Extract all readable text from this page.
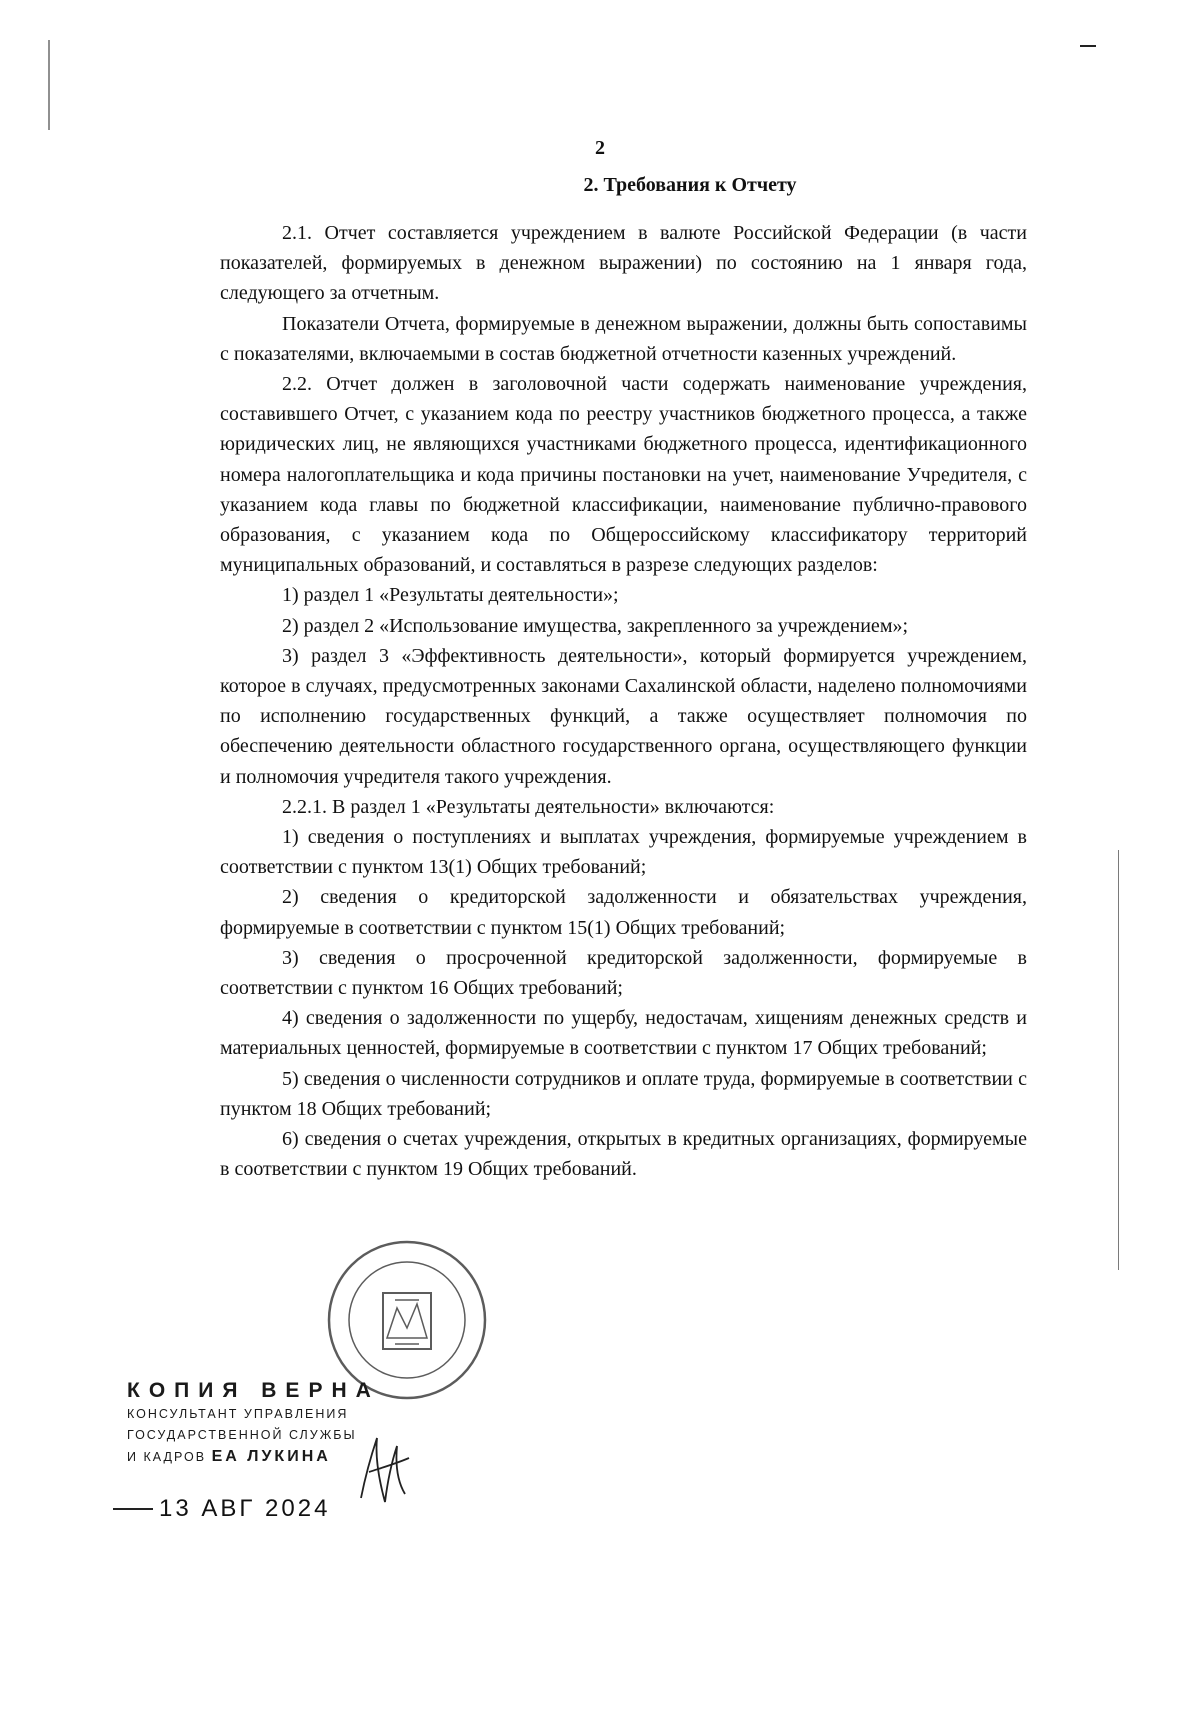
2
2. Требования к Отчету

2.1. Отчет составляется учреждением в валюте Российской Федерации (в части показателей, формируемых в денежном выражении) по состоянию на 1 января года, следующего за отчетным.

Показатели Отчета, формируемые в денежном выражении, должны быть сопоставимы с показателями, включаемыми в состав бюджетной отчетности казенных учреждений.

2.2. Отчет должен в заголовочной части содержать наименование учреждения, составившего Отчет, с указанием кода по реестру участников бюджетного процесса, а также юридических лиц, не являющихся участниками бюджетного процесса, идентификационного номера налогоплательщика и кода причины постановки на учет, наименование Учредителя, с указанием кода главы по бюджетной классификации, наименование публично-правового образования, с указанием кода по Общероссийскому классификатору территорий муниципальных образований, и составляться в разрезе следующих разделов:

1) раздел 1 «Результаты деятельности»;

2) раздел 2 «Использование имущества, закрепленного за учреждением»;

3) раздел 3 «Эффективность деятельности», который формируется учреждением, которое в случаях, предусмотренных законами Сахалинской области, наделено полномочиями по исполнению государственных функций, а также осуществляет полномочия по обеспечению деятельности областного государственного органа, осуществляющего функции и полномочия учредителя такого учреждения.

2.2.1. В раздел 1 «Результаты деятельности» включаются:

1) сведения о поступлениях и выплатах учреждения, формируемые учреждением в соответствии с пунктом 13(1) Общих требований;

2) сведения о кредиторской задолженности и обязательствах учреждения, формируемые в соответствии с пунктом 15(1) Общих требований;

3) сведения о просроченной кредиторской задолженности, формируемые в соответствии с пунктом 16 Общих требований;

4) сведения о задолженности по ущербу, недостачам, хищениям денежных средств и материальных ценностей, формируемые в соответствии с пунктом 17 Общих требований;

5) сведения о численности сотрудников и оплате труда, формируемые в соответствии с пунктом 18 Общих требований;

6) сведения о счетах учреждения, открытых в кредитных организациях, формируемые в соответствии с пунктом 19 Общих требований.

КОПИЯ ВЕРНА
КОНСУЛЬТАНТ УПРАВЛЕНИЯ
ГОСУДАРСТВЕННОЙ СЛУЖБЫ
И КАДРОВ ЕА ЛУКИНА
13 АВГ 2024
